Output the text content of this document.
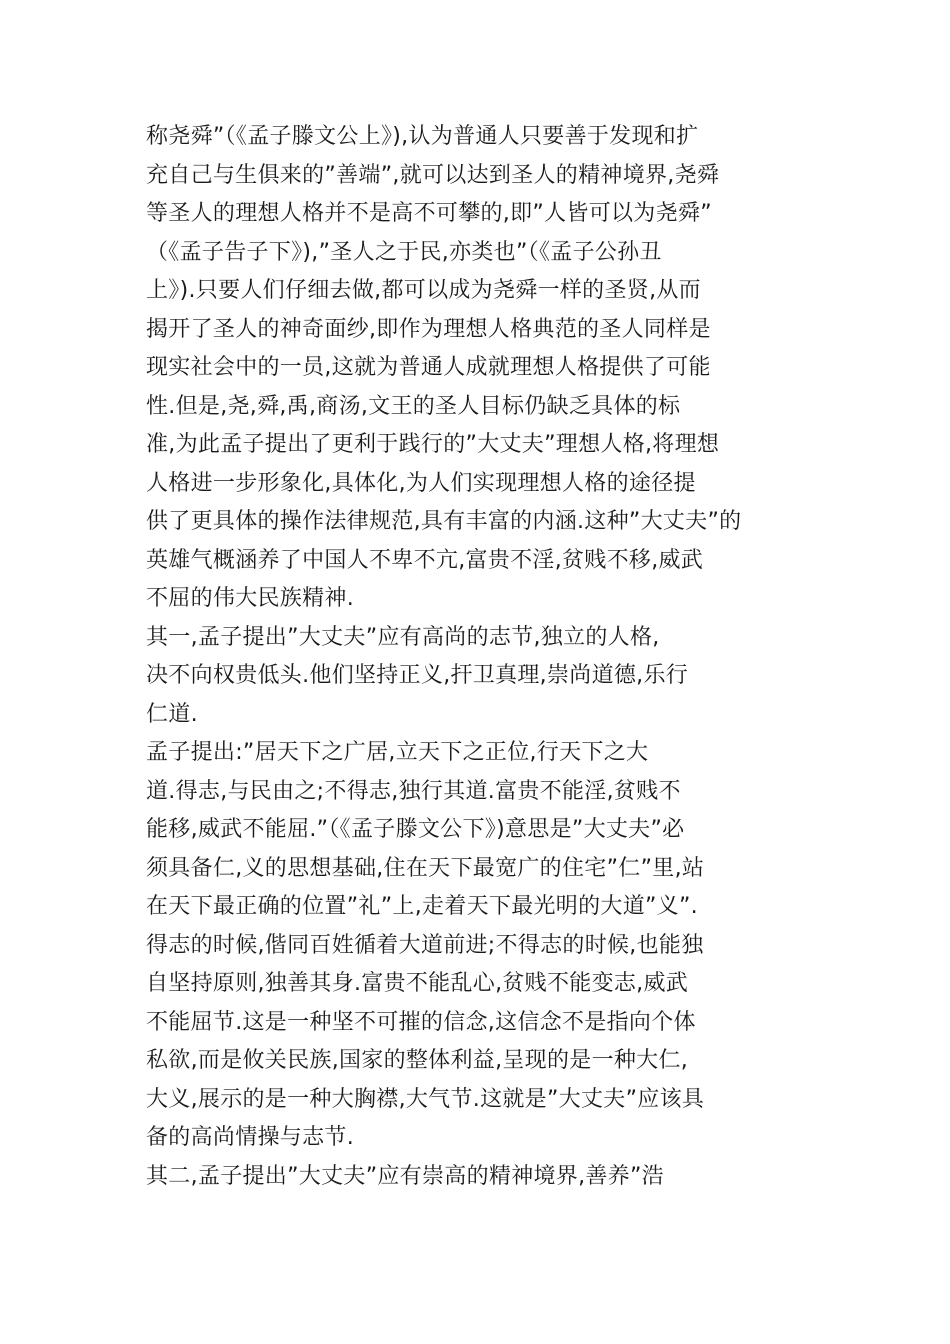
称尧舜”（《孟子滕文公上》),认为普通人只要善于发现和扩
充自己与生俱来的”善端”,就可以达到圣人的精神境界,尧舜
等圣人的理想人格并不是高不可攀的,即”人皆可以为尧舜”
（《孟子告子下》),”圣人之于民,亦类也”（《孟子公孙丑
上》).只要人们仔细去做,都可以成为尧舜一样的圣贤,从而
揭开了圣人的神奇面纱,即作为理想人格典范的圣人同样是
现实社会中的一员,这就为普通人成就理想人格提供了可能
性.但是,尧,舜,禹,商汤,文王的圣人目标仍缺乏具体的标
准,为此孟子提出了更利于践行的”大丈夫”理想人格,将理想
人格进一步形象化,具体化,为人们实现理想人格的途径提
供了更具体的操作法律规范,具有丰富的内涵.这种”大丈夫”的
英雄气概涵养了中国人不卑不亢,富贵不淫,贫贱不移,威武
不屈的伟大民族精神.
其一,孟子提出”大丈夫”应有高尚的志节,独立的人格,
决不向权贵低头.他们坚持正义,扞卫真理,崇尚道德,乐行
仁道.
孟子提出:”居天下之广居,立天下之正位,行天下之大
道.得志,与民由之;不得志,独行其道.富贵不能淫,贫贱不
能移,威武不能屈.”（《孟子滕文公下》)意思是”大丈夫”必
须具备仁,义的思想基础,住在天下最宽广的住宅”仁”里,站
在天下最正确的位置”礼”上,走着天下最光明的大道”义”.
得志的时候,偕同百姓循着大道前进;不得志的时候,也能独
自坚持原则,独善其身.富贵不能乱心,贫贱不能变志,威武
不能屈节.这是一种坚不可摧的信念,这信念不是指向个体
私欲,而是攸关民族,国家的整体利益,呈现的是一种大仁,
大义,展示的是一种大胸襟,大气节.这就是”大丈夫”应该具
备的高尚情操与志节.
其二,孟子提出”大丈夫”应有崇高的精神境界,善养”浩
